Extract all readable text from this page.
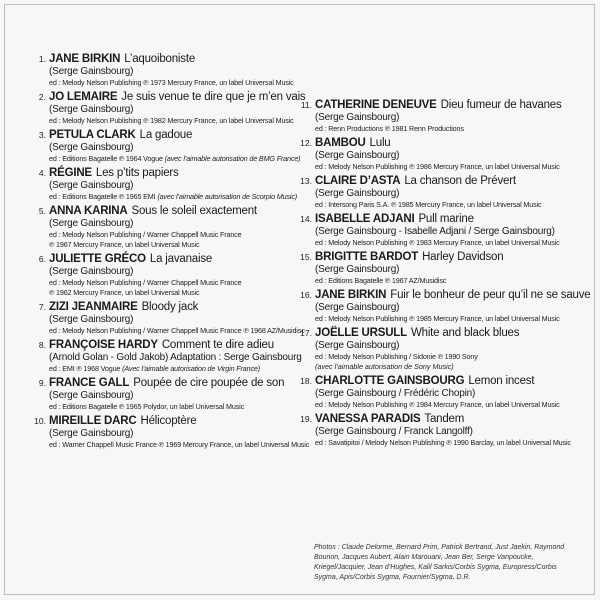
1. JANE BIRKIN L’aquoiboniste
(Serge Gainsbourg)
ed : Melody Nelson Publishing ℗ 1973 Mercury France, un label Universal Music
2. JO LEMAIRE Je suis venue te dire que je m’en vais
(Serge Gainsbourg)
ed : Melody Nelson Publishing ℗ 1982 Mercury France, un label Universal Music
3. PETULA CLARK La gadoue
(Serge Gainsbourg)
ed : Editions Bagatelle ℗ 1964 Vogue (avec l’aimable autorisation de BMG France)
4. RÉGINE Les p’tits papiers
(Serge Gainsbourg)
ed : Editions Bagatelle ℗ 1965 EMI (avec l’aimable autorisation de Scorpio Music)
5. ANNA KARINA Sous le soleil exactement
(Serge Gainsbourg)
ed : Melody Nelson Publishing / Warner Chappell Music France
℗ 1967 Mercury France, un label Universal Music
6. JULIETTE GRÉCO La javanaise
(Serge Gainsbourg)
ed : Melody Nelson Publishing / Warner Chappell Music France
℗ 1962 Mercury France, un label Universal Music
7. ZIZI JEANMAIRE Bloody jack
(Serge Gainsbourg)
ed : Melody Nelson Publishing / Warner Chappell Music France ℗ 1968 AZ/Musidisc
8. FRANÇOISE HARDY Comment te dire adieu
(Arnold Golan - Gold Jakob) Adaptation : Serge Gainsbourg
ed : EMI ℗ 1968 Vogue (Avec l’aimable autorisation de Virgin France)
9. FRANCE GALL Poupée de cire poupée de son
(Serge Gainsbourg)
ed : Editions Bagatelle ℗ 1965 Polydor, un label Universal Music
10. MIREILLE DARC Hélicoptère
(Serge Gainsbourg)
ed : Warner Chappell Music France ℗ 1969 Mercury France, un label Universal Music
11. CATHERINE DENEUVE Dieu fumeur de havanes
(Serge Gainsbourg)
ed : Renn Productions ℗ 1981 Renn Productions
12. BAMBOU Lulu
(Serge Gainsbourg)
ed : Melody Nelson Publishing ℗ 1986 Mercury France, un label Universal Music
13. CLAIRE D’ASTA La chanson de Prévert
(Serge Gainsbourg)
ed : Intersong Paris S.A. ℗ 1985 Mercury France, un label Universal Music
14. ISABELLE ADJANI Pull marine
(Serge Gainsbourg - Isabelle Adjani / Serge Gainsbourg)
ed : Melody Nelson Publishing ℗ 1983 Mercury France, un label Universal Music
15. BRIGITTE BARDOT Harley Davidson
(Serge Gainsbourg)
ed : Editions Bagatelle ℗ 1967 AZ/Musidisc
16. JANE BIRKIN Fuir le bonheur de peur qu’il ne se sauve
(Serge Gainsbourg)
ed : Melody Nelson Publishing ℗ 1985 Mercury France, un label Universal Music
17. JOËLLE URSULL White and black blues
(Serge Gainsbourg)
ed : Melody Nelson Publishing / Sidonie ℗ 1990 Sony
(avec l’aimable autorisation de Sony Music)
18. CHARLOTTE GAINSBOURG Lemon incest
(Serge Gainsbourg / Frédéric Chopin)
ed : Melody Nelson Publishing ℗ 1984 Mercury France, un label Universal Music
19. VANESSA PARADIS Tandem
(Serge Gainsbourg / Franck Langolff)
ed : Savatipitoi / Melody Nelson Publishing ℗ 1990 Barclay, un label Universal Music
Photos : Claude Delorme, Bernard Prim, Patrick Bertrand, Just Jaekin, Raymond
Bounon, Jacques Aubert, Alain Marouani, Jean Ber, Serge Vanpoucke,
Kriegel/Jacquier, Jean d’Hughes, Kalil Sarkis/Corbis Sygma, Europress/Corbis
Sygma, Apis/Corbis Sygma, Fournier/Sygma, D.R.
